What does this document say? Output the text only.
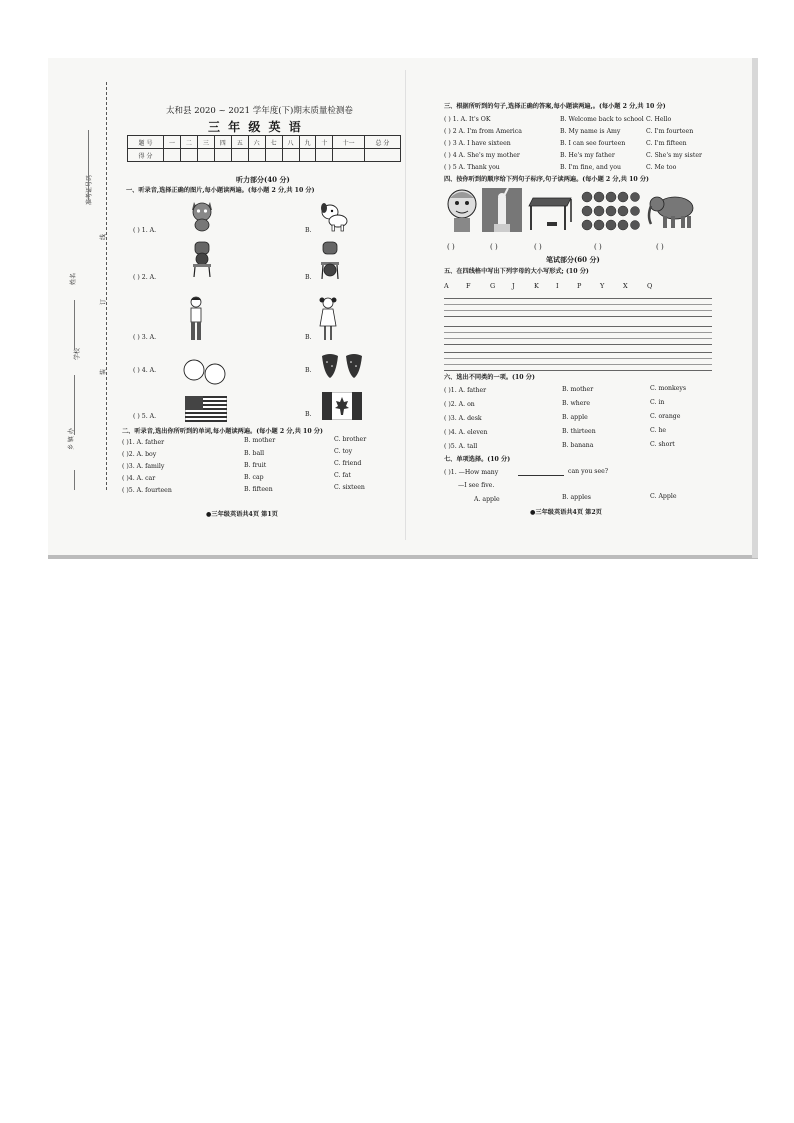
准考证号码
姓名
学校
乡 镇 办
线
订
装
太和县 2020 ~ 2021 学年度(下)期末质量检测卷
三 年 级 英 语
题 号	一	二	三	四	五	六	七	八	九	十	十一	总 分
得 分												
听力部分(40 分)
一、听录音,选择正确的图片,每小题读两遍。(每小题 2 分,共 10 分)
( ) 1. A.	B.
( ) 2. A.	B.
( ) 3. A.	B.
( ) 4. A.	B.
( ) 5. A.	B.
二、听录音,选出你所听到的单词,每小题读两遍。(每小题 2 分,共 10 分)
( )1. A. father	B. mother	C. brother
( )2. A. boy	B. ball	C. toy
( )3. A. family	B. fruit	C. friend
( )4. A. car	B. cap	C. fat
( )5. A. fourteen	B. fifteen	C. sixteen
●三年级英语共4页 第1页
三、根据所听到的句子,选择正确的答案,每小题读两遍,。(每小题 2 分,共 10 分)
( ) 1. A. It's OK	B. Welcome back to school C. Hello
( ) 2 A. I'm from America	B. My name is Amy	C. I'm fourteen
( ) 3 A. I have sixteen	B. I can see fourteen	C. I'm fifteen
( ) 4 A. She's my mother	B. He's my father	C. She's my sister
( ) 5 A. Thank you	B. I'm fine, and you	C. Me too
四、按你听到的顺序给下列句子标序,句子读两遍。(每小题 2 分,共 10 分)
( )	( )	( )	( )	( )
笔试部分(60 分)
五、在四线格中写出下列字母的大小写形式; (10 分)
A	F	G	J	K	I	P	Y	X	Q
六、选出不同类的一项。(10 分)
( )1. A. father	B. mother	C. monkeys
( )2. A. on	B. where	C. in
( )3. A. desk	B. apple	C. orange
( )4. A. eleven	B. thirteen	C. he
( )5. A. tall	B. banana	C. short
七、单项选择。(10 分)
( )1. —How many	can you see?
—I see five.
A. apple	B. apples	C. Apple
●三年级英语共4页 第2页
